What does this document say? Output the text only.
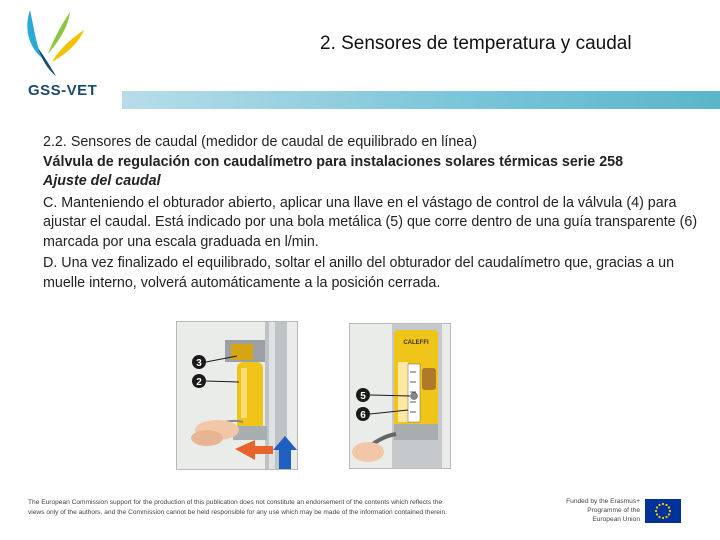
GSS-VET
2. Sensores de temperatura y caudal

2.2. Sensores de caudal (medidor de caudal de equilibrado en línea)

Válvula de regulación con caudalímetro para instalaciones solares térmicas serie 258

Ajuste del caudal

C. Manteniendo el obturador abierto, aplicar una llave en el vástago de control de la válvula (4) para ajustar el caudal. Está indicado por una bola metálica (5) que corre dentro de una guía transparente (6) marcada por una escala graduada en l/min.

D. Una vez finalizado el equilibrado, soltar el anillo del obturador del caudalímetro que, gracias a un muelle interno, volverá automáticamente a la posición cerrada.

3
2
CALEFFI
5
6
The European Commission support for the production of this publication does not constitute an endorsement of the contents which reflects the views only of the authors, and the Commission cannot be held responsible for any use which may be made of the information contained therein.
Funded by the Erasmus+ Programme of the European Union
